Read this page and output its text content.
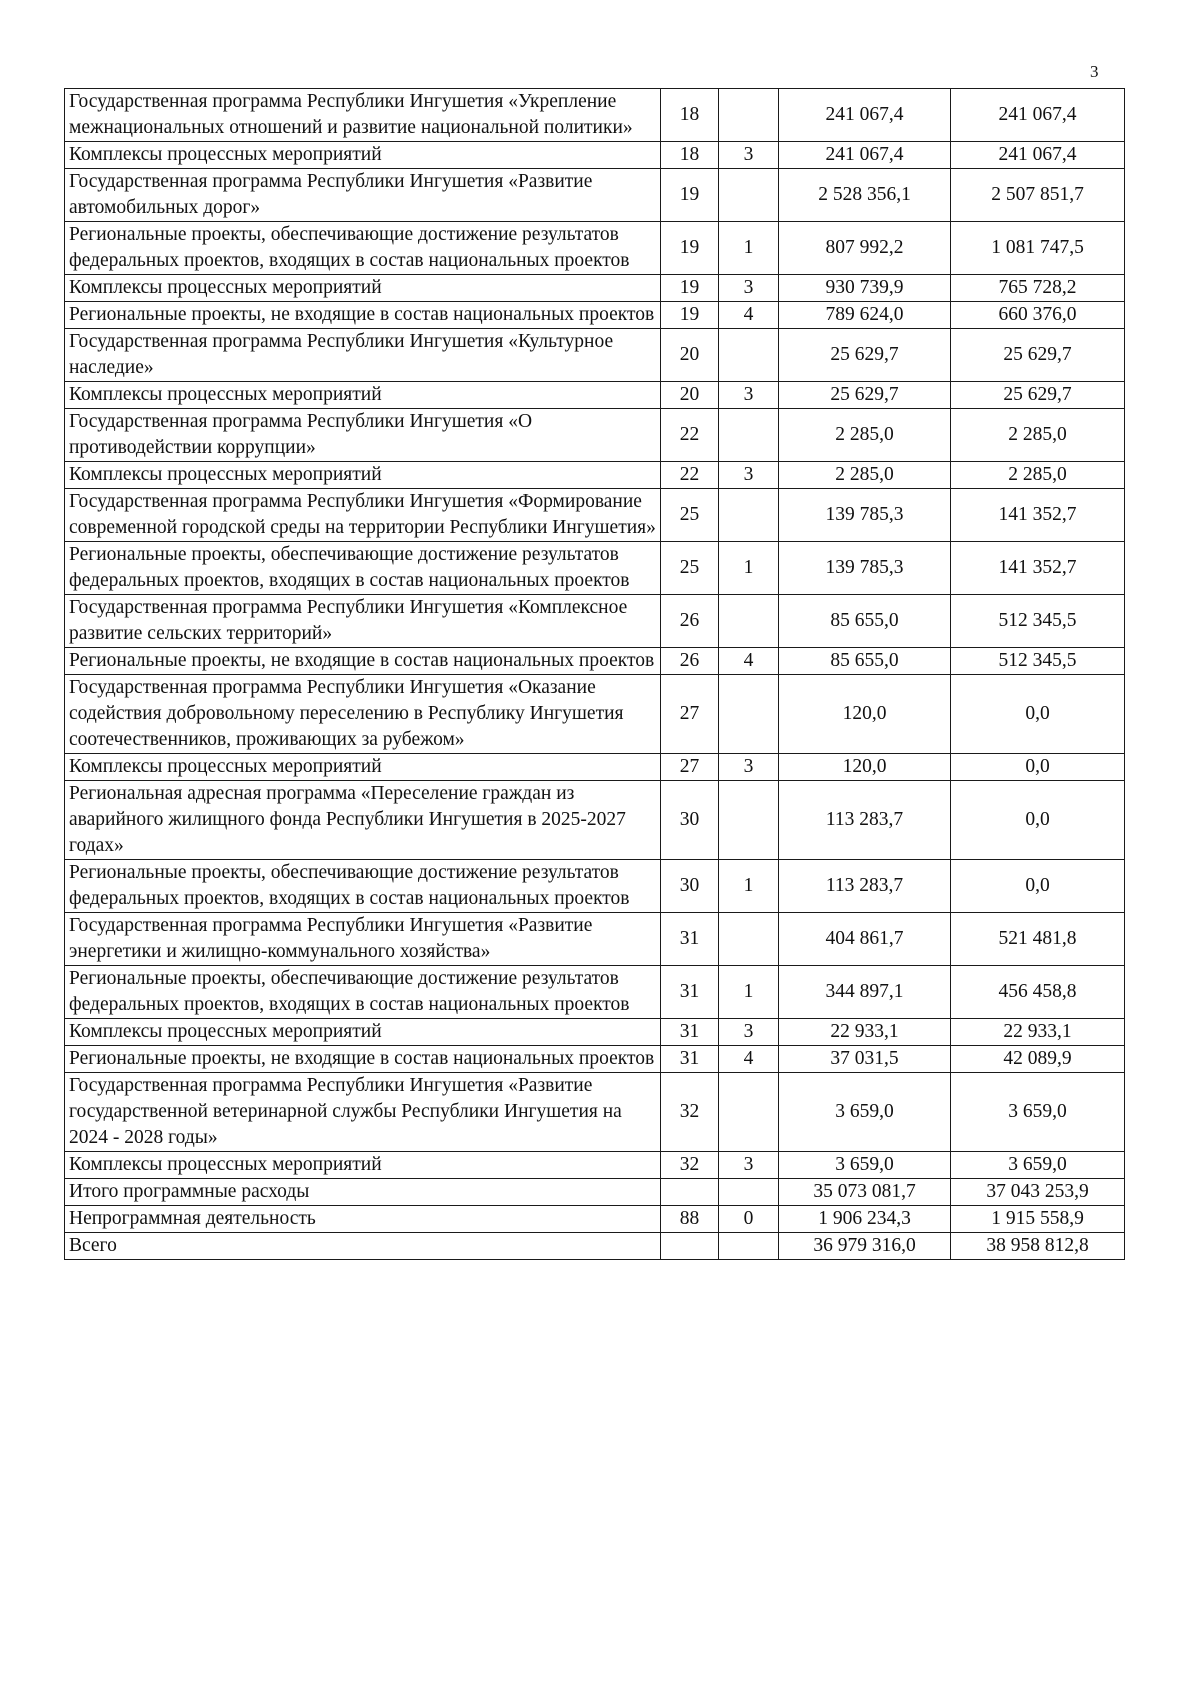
3
Государственная программа Республики Ингушетия «Укрепление межнациональных отношений и развитие национальной политики»	18		241 067,4	241 067,4
Комплексы процессных мероприятий	18	3	241 067,4	241 067,4
Государственная программа Республики Ингушетия «Развитие автомобильных дорог»	19		2 528 356,1	2 507 851,7
Региональные проекты, обеспечивающие достижение результатов федеральных проектов, входящих в состав национальных проектов	19	1	807 992,2	1 081 747,5
Комплексы процессных мероприятий	19	3	930 739,9	765 728,2
Региональные проекты, не входящие в состав национальных проектов	19	4	789 624,0	660 376,0
Государственная программа Республики Ингушетия «Культурное наследие»	20		25 629,7	25 629,7
Комплексы процессных мероприятий	20	3	25 629,7	25 629,7
Государственная программа Республики Ингушетия «О противодействии коррупции»	22		2 285,0	2 285,0
Комплексы процессных мероприятий	22	3	2 285,0	2 285,0
Государственная программа Республики Ингушетия «Формирование современной городской среды на территории Республики Ингушетия»	25		139 785,3	141 352,7
Региональные проекты, обеспечивающие достижение результатов федеральных проектов, входящих в состав национальных проектов	25	1	139 785,3	141 352,7
Государственная программа Республики Ингушетия «Комплексное развитие сельских территорий»	26		85 655,0	512 345,5
Региональные проекты, не входящие в состав национальных проектов	26	4	85 655,0	512 345,5
Государственная программа Республики Ингушетия «Оказание содействия добровольному переселению в Республику Ингушетия соотечественников, проживающих за рубежом»	27		120,0	0,0
Комплексы процессных мероприятий	27	3	120,0	0,0
Региональная адресная программа «Переселение граждан из аварийного жилищного фонда Республики Ингушетия в 2025-2027 годах»	30		113 283,7	0,0
Региональные проекты, обеспечивающие достижение результатов федеральных проектов, входящих в состав национальных проектов	30	1	113 283,7	0,0
Государственная программа Республики Ингушетия «Развитие энергетики и жилищно-коммунального хозяйства»	31		404 861,7	521 481,8
Региональные проекты, обеспечивающие достижение результатов федеральных проектов, входящих в состав национальных проектов	31	1	344 897,1	456 458,8
Комплексы процессных мероприятий	31	3	22 933,1	22 933,1
Региональные проекты, не входящие в состав национальных проектов	31	4	37 031,5	42 089,9
Государственная программа Республики Ингушетия «Развитие государственной ветеринарной службы Республики Ингушетия на 2024 - 2028 годы»	32		3 659,0	3 659,0
Комплексы процессных мероприятий	32	3	3 659,0	3 659,0
Итого программные расходы			35 073 081,7	37 043 253,9
Непрограммная деятельность	88	0	1 906 234,3	1 915 558,9
Всего			36 979 316,0	38 958 812,8
